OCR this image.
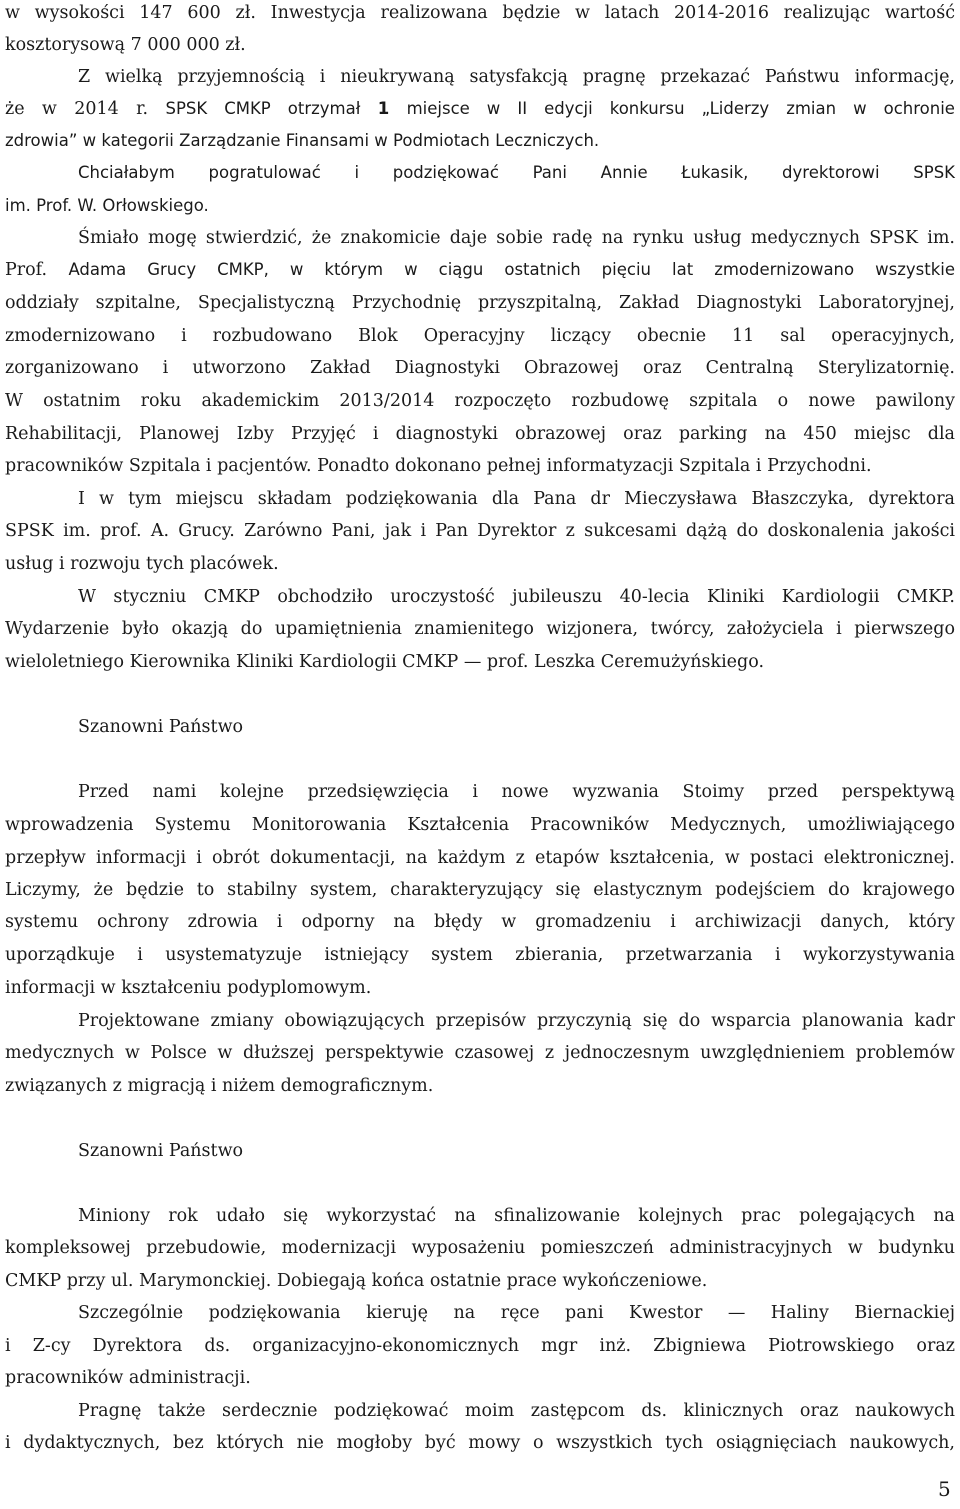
w wysokości 147 600 zł. Inwestycja realizowana będzie w latach 2014-2016 realizując wartość

kosztorysową 7 000 000 zł.

Z wielką przyjemnością i nieukrywaną satysfakcją pragnę przekazać Państwu informację,

że w 2014 r. SPSK CMKP otrzymał 1 miejsce w II edycji konkursu „Liderzy zmian w ochronie

zdrowia” w kategorii Zarządzanie Finansami w Podmiotach Leczniczych.

Chciałabym pogratulować i podziękować Pani Annie Łukasik, dyrektorowi SPSK

im. Prof. W. Orłowskiego.

Śmiało mogę stwierdzić, że znakomicie daje sobie radę na rynku usług medycznych SPSK im.

Prof. Adama Grucy CMKP, w którym w ciągu ostatnich pięciu lat zmodernizowano wszystkie

oddziały szpitalne, Specjalistyczną Przychodnię przyszpitalną, Zakład Diagnostyki Laboratoryjnej,

zmodernizowano i rozbudowano Blok Operacyjny liczący obecnie 11 sal operacyjnych,

zorganizowano i utworzono Zakład Diagnostyki Obrazowej oraz Centralną Sterylizatornię.

W ostatnim roku akademickim 2013/2014 rozpoczęto rozbudowę szpitala o nowe pawilony

Rehabilitacji, Planowej Izby Przyjęć i diagnostyki obrazowej oraz parking na 450 miejsc dla

pracowników Szpitala i pacjentów. Ponadto dokonano pełnej informatyzacji Szpitala i Przychodni.

I w tym miejscu składam podziękowania dla Pana dr Mieczysława Błaszczyka, dyrektora

SPSK im. prof. A. Grucy. Zarówno Pani, jak i Pan Dyrektor z sukcesami dążą do doskonalenia jakości

usług i rozwoju tych placówek.

W styczniu CMKP obchodziło uroczystość jubileuszu 40-lecia Kliniki Kardiologii CMKP.

Wydarzenie było okazją do upamiętnienia znamienitego wizjonera, twórcy, założyciela i pierwszego

wieloletniego Kierownika Kliniki Kardiologii CMKP — prof. Leszka Ceremużyńskiego.

Szanowni Państwo

Przed nami kolejne przedsięwzięcia i nowe wyzwania Stoimy przed perspektywą

wprowadzenia Systemu Monitorowania Kształcenia Pracowników Medycznych, umożliwiającego

przepływ informacji i obrót dokumentacji, na każdym z etapów kształcenia, w postaci elektronicznej.

Liczymy, że będzie to stabilny system, charakteryzujący się elastycznym podejściem do krajowego

systemu ochrony zdrowia i odporny na błędy w gromadzeniu i archiwizacji danych, który

uporządkuje i usystematyzuje istniejący system zbierania, przetwarzania i wykorzystywania

informacji w kształceniu podyplomowym.

Projektowane zmiany obowiązujących przepisów przyczynią się do wsparcia planowania kadr

medycznych w Polsce w dłuższej perspektywie czasowej z jednoczesnym uwzględnieniem problemów

związanych z migracją i niżem demograficznym.

Szanowni Państwo

Miniony rok udało się wykorzystać na sfinalizowanie kolejnych prac polegających na

kompleksowej przebudowie, modernizacji wyposażeniu pomieszczeń administracyjnych w budynku

CMKP przy ul. Marymonckiej. Dobiegają końca ostatnie prace wykończeniowe.

Szczególnie podziękowania kieruję na ręce pani Kwestor — Haliny Biernackiej

i Z-cy Dyrektora ds. organizacyjno-ekonomicznych mgr inż. Zbigniewa Piotrowskiego oraz

pracowników administracji.

Pragnę także serdecznie podziękować moim zastępcom ds. klinicznych oraz naukowych

i dydaktycznych, bez których nie mogłoby być mowy o wszystkich tych osiągnięciach naukowych,

5
